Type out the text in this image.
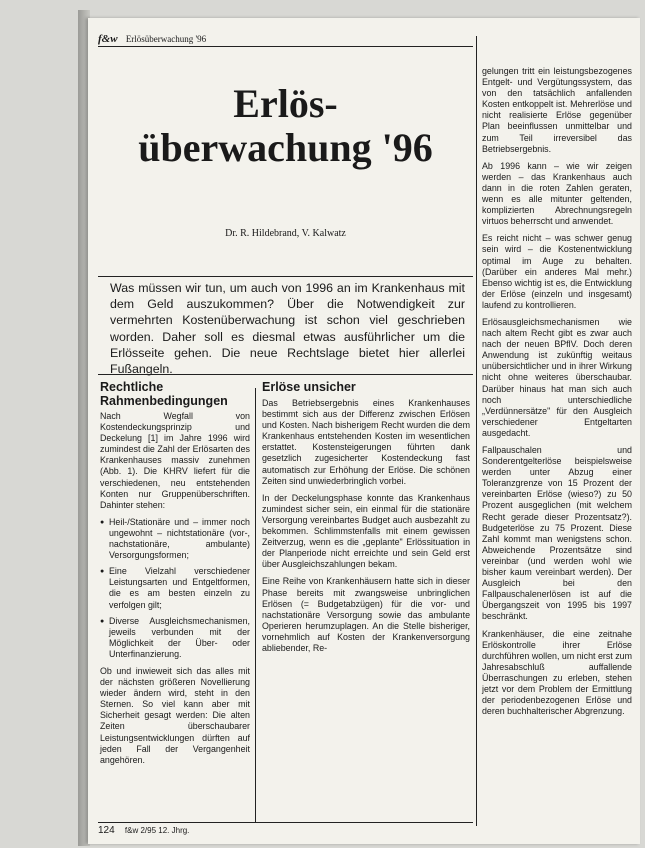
f&w Erlösüberwachung '96
Erlös-
überwachung '96
Dr. R. Hildebrand, V. Kalwatz
Was müssen wir tun, um auch von 1996 an im Krankenhaus mit dem Geld auszukommen? Über die Notwendigkeit zur vermehrten Kostenüberwachung ist schon viel geschrieben worden. Daher soll es diesmal etwas ausführlicher um die Erlösseite gehen. Die neue Rechtslage bietet hier allerlei Fußangeln.
Rechtliche Rahmenbedingungen

Nach Wegfall von Kostendeckungsprinzip und Deckelung [1] im Jahre 1996 wird zumindest die Zahl der Erlösarten des Krankenhauses massiv zunehmen (Abb. 1). Die KHRV liefert für die verschiedenen, neu entstehenden Konten nur Gruppenüberschriften. Dahinter stehen:

● Heil-/Stationäre und – immer noch ungewohnt – nichtstationäre (vor-, nachstationäre, ambulante) Versorgungsformen;
● Eine Vielzahl verschiedener Leistungsarten und Entgeltformen, die es am besten einzeln zu verfolgen gilt;
● Diverse Ausgleichsmechanismen, jeweils verbunden mit der Möglichkeit der Über- oder Unterfinanzierung.

Ob und inwieweit sich das alles mit der nächsten größeren Novellierung wieder ändern wird, steht in den Sternen. So viel kann aber mit Sicherheit gesagt werden: Die alten Zeiten überschaubarer Leistungsentwicklungen dürften auf jeden Fall der Vergangenheit angehören.

Erlöse unsicher

Das Betriebsergebnis eines Krankenhauses bestimmt sich aus der Differenz zwischen Erlösen und Kosten. Nach bisherigem Recht wurden die dem Krankenhaus entstehenden Kosten im wesentlichen erstattet. Kostensteigerungen führten dank gesetzlich zugesicherter Kostendeckung fast automatisch zur Erhöhung der Erlöse. Die schönen Zeiten sind unwiederbringlich vorbei.

In der Deckelungsphase konnte das Krankenhaus zumindest sicher sein, ein einmal für die stationäre Versorgung vereinbartes Budget auch ausbezahlt zu bekommen. Schlimmstenfalls mit einem gewissen Zeitverzug, wenn es die „geplante" Erlössituation in der Planperiode nicht erreichte und sein Geld erst über Ausgleichszahlungen bekam.

Eine Reihe von Krankenhäusern hatte sich in dieser Phase bereits mit zwangsweise unbringlichen Erlösen (= Budgetabzügen) für die vor- und nachstationäre Versorgung sowie das ambulante Operieren herumzuplagen. An die Stelle bisheriger, vornehmlich auf Kosten der Krankenversorgung abliebender, Re-

gelungen tritt ein leistungsbezogenes Entgelt- und Vergütungssystem, das von den tatsächlich anfallenden Kosten entkoppelt ist. Mehrerlöse und nicht realisierte Erlöse gegenüber Plan beeinflussen unmittelbar und zum Teil irreversibel das Betriebsergebnis.

Ab 1996 kann – wie wir zeigen werden – das Krankenhaus auch dann in die roten Zahlen geraten, wenn es alle mitunter geltenden, komplizierten Abrechnungsregeln virtuos beherrscht und anwendet.

Es reicht nicht – was schwer genug sein wird – die Kostenentwicklung optimal im Auge zu behalten. (Darüber ein anderes Mal mehr.) Ebenso wichtig ist es, die Entwicklung der Erlöse (einzeln und insgesamt) laufend zu kontrollieren.

Erlösausgleichsmechanismen wie nach altem Recht gibt es zwar auch nach der neuen BPflV. Doch deren Anwendung ist zukünftig weitaus unübersichtlicher und in ihrer Wirkung nicht ohne weiteres überschaubar. Darüber hinaus hat man sich auch noch unterschiedliche „Verdünnersätze" für den Ausgleich verschiedener Entgeltarten ausgedacht.

Fallpauschalen und Sonderentgelterlöse beispielsweise werden unter Abzug einer Toleranzgrenze von 15 Prozent der vereinbarten Erlöse (wieso?) zu 50 Prozent ausgeglichen (mit welchem Recht gerade dieser Prozentsatz?). Budgeterlöse zu 75 Prozent. Diese Zahl kommt man wenigstens schon. Abweichende Prozentsätze sind vereinbar (und werden wohl wie bisher kaum vereinbart werden). Der Ausgleich bei den Fallpauschalenerlösen ist auf die Übergangszeit von 1995 bis 1997 beschränkt.

Krankenhäuser, die eine zeitnahe Erlöskontrolle ihrer Erlöse durchführen wollen, um nicht erst zum Jahresabschluß auffallende Überraschungen zu erleben, stehen jetzt vor dem Problem der Ermittlung der periodenbezogenen Erlöse und deren buchhalterischer Abgrenzung.

124 f&w 2/95 12. Jhrg.
